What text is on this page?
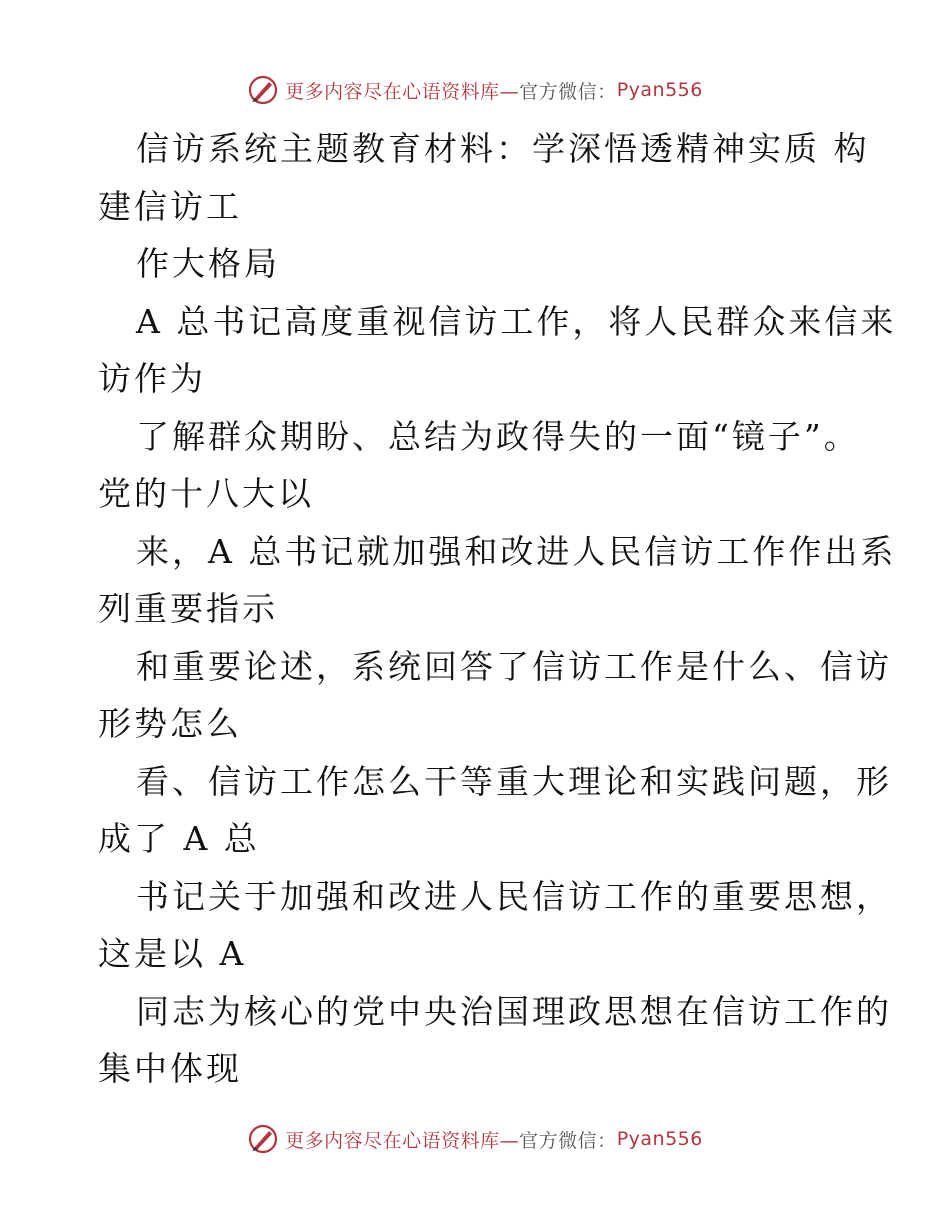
更多内容尽在心语资料库— 官方微信： Pyan556

信访系统主题教育材料：学深悟透精神实质 构
建信访工

作大格局

A 总书记高度重视信访工作，将人民群众来信来
访作为

了解群众期盼、总结为政得失的一面“镜子”。
党的十八大以

来，A 总书记就加强和改进人民信访工作作出系
列重要指示

和重要论述，系统回答了信访工作是什么、信访
形势怎么

看、信访工作怎么干等重大理论和实践问题，形
成了 A 总

书记关于加强和改进人民信访工作的重要思想，
这是以 A

同志为核心的党中央治国理政思想在信访工作的
集中体现

更多内容尽在心语资料库— 官方微信： Pyan556
